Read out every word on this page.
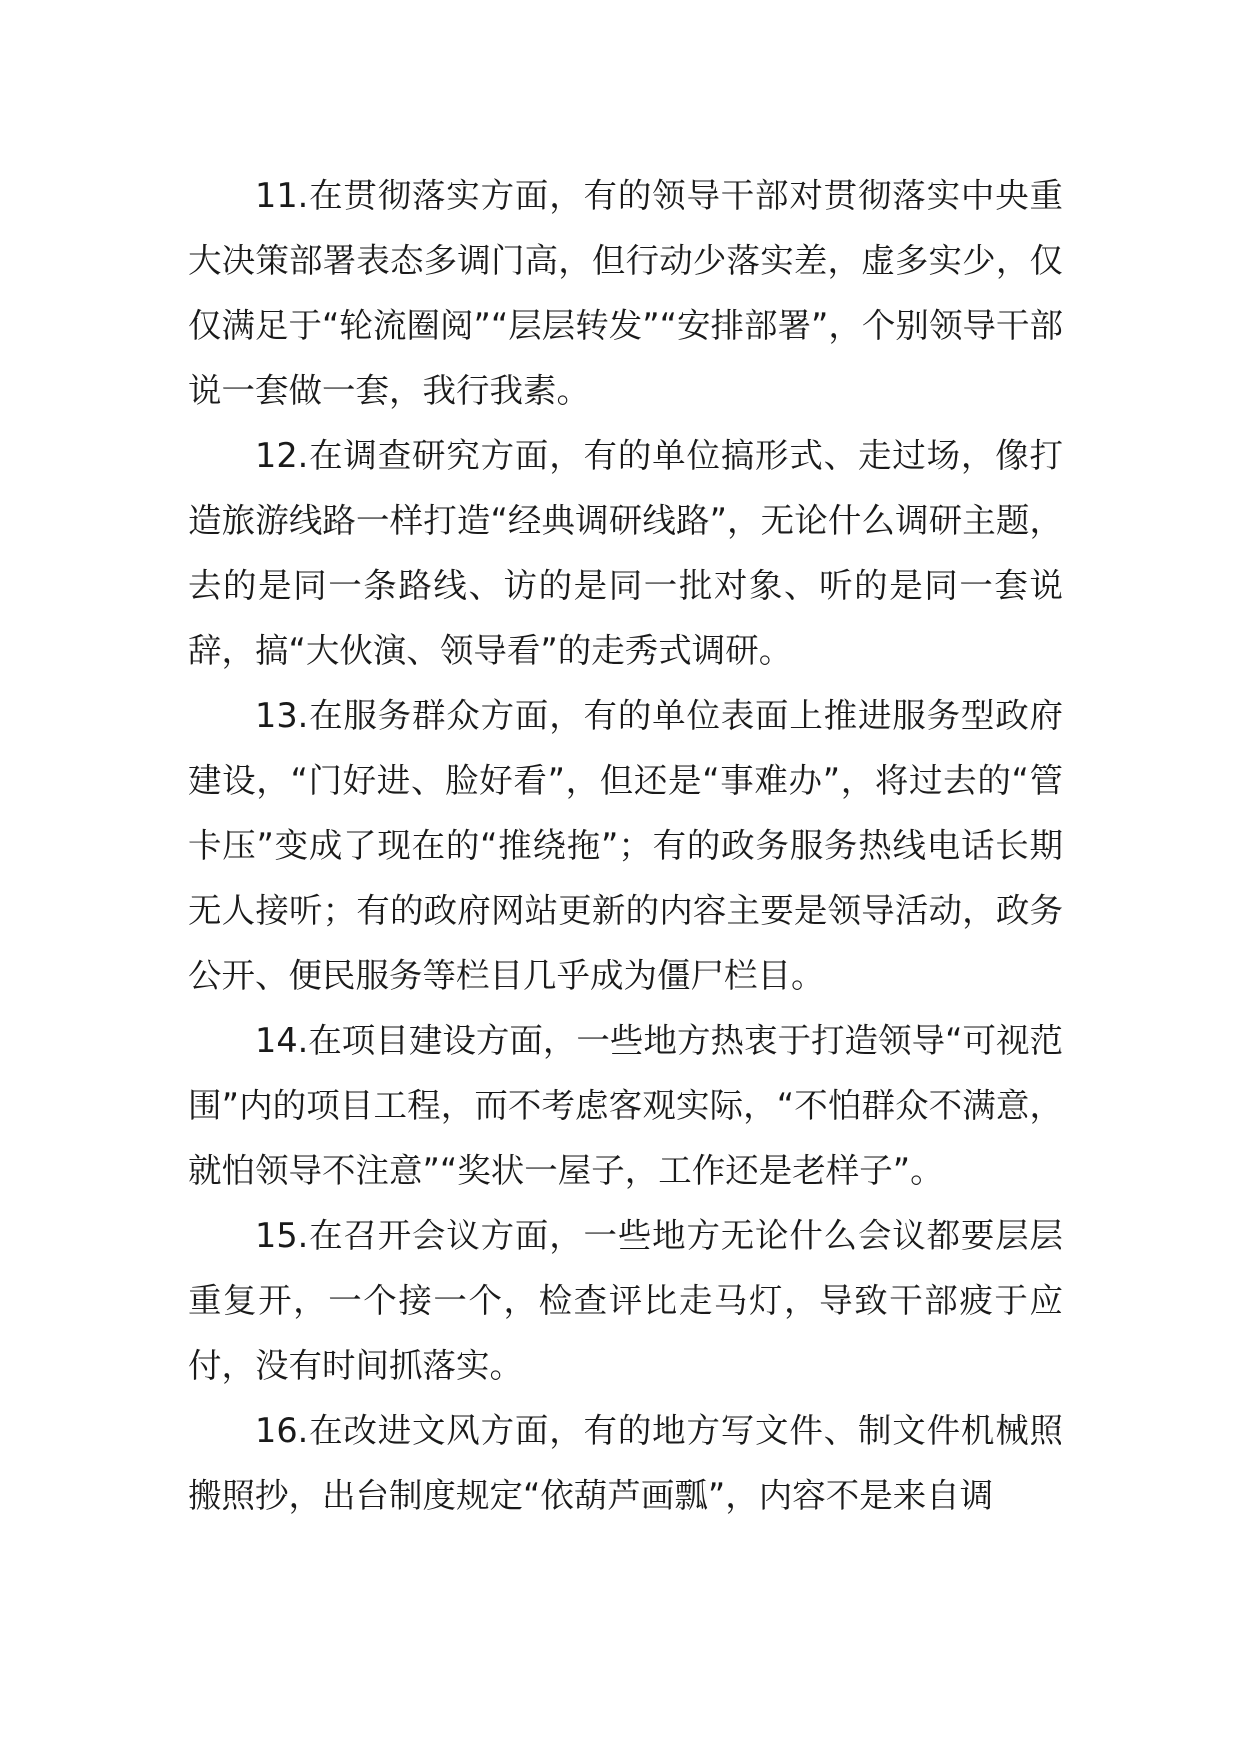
11.在贯彻落实方面，有的领导干部对贯彻落实中央重大决策部署表态多调门高，但行动少落实差，虚多实少，仅仅满足于“轮流圈阅”“层层转发”“安排部署”，个别领导干部说一套做一套，我行我素。

12.在调查研究方面，有的单位搞形式、走过场，像打造旅游线路一样打造“经典调研线路”，无论什么调研主题，去的是同一条路线、访的是同一批对象、听的是同一套说辞，搞“大伙演、领导看”的走秀式调研。

13.在服务群众方面，有的单位表面上推进服务型政府建设，“门好进、脸好看”，但还是“事难办”，将过去的“管卡压”变成了现在的“推绕拖”；有的政务服务热线电话长期无人接听；有的政府网站更新的内容主要是领导活动，政务公开、便民服务等栏目几乎成为僵尸栏目。

14.在项目建设方面，一些地方热衷于打造领导“可视范围”内的项目工程，而不考虑客观实际，“不怕群众不满意，就怕领导不注意”“奖状一屋子，工作还是老样子”。

15.在召开会议方面，一些地方无论什么会议都要层层重复开，一个接一个，检查评比走马灯，导致干部疲于应付，没有时间抓落实。

16.在改进文风方面，有的地方写文件、制文件机械照搬照抄，出台制度规定“依葫芦画瓢”，内容不是来自调
